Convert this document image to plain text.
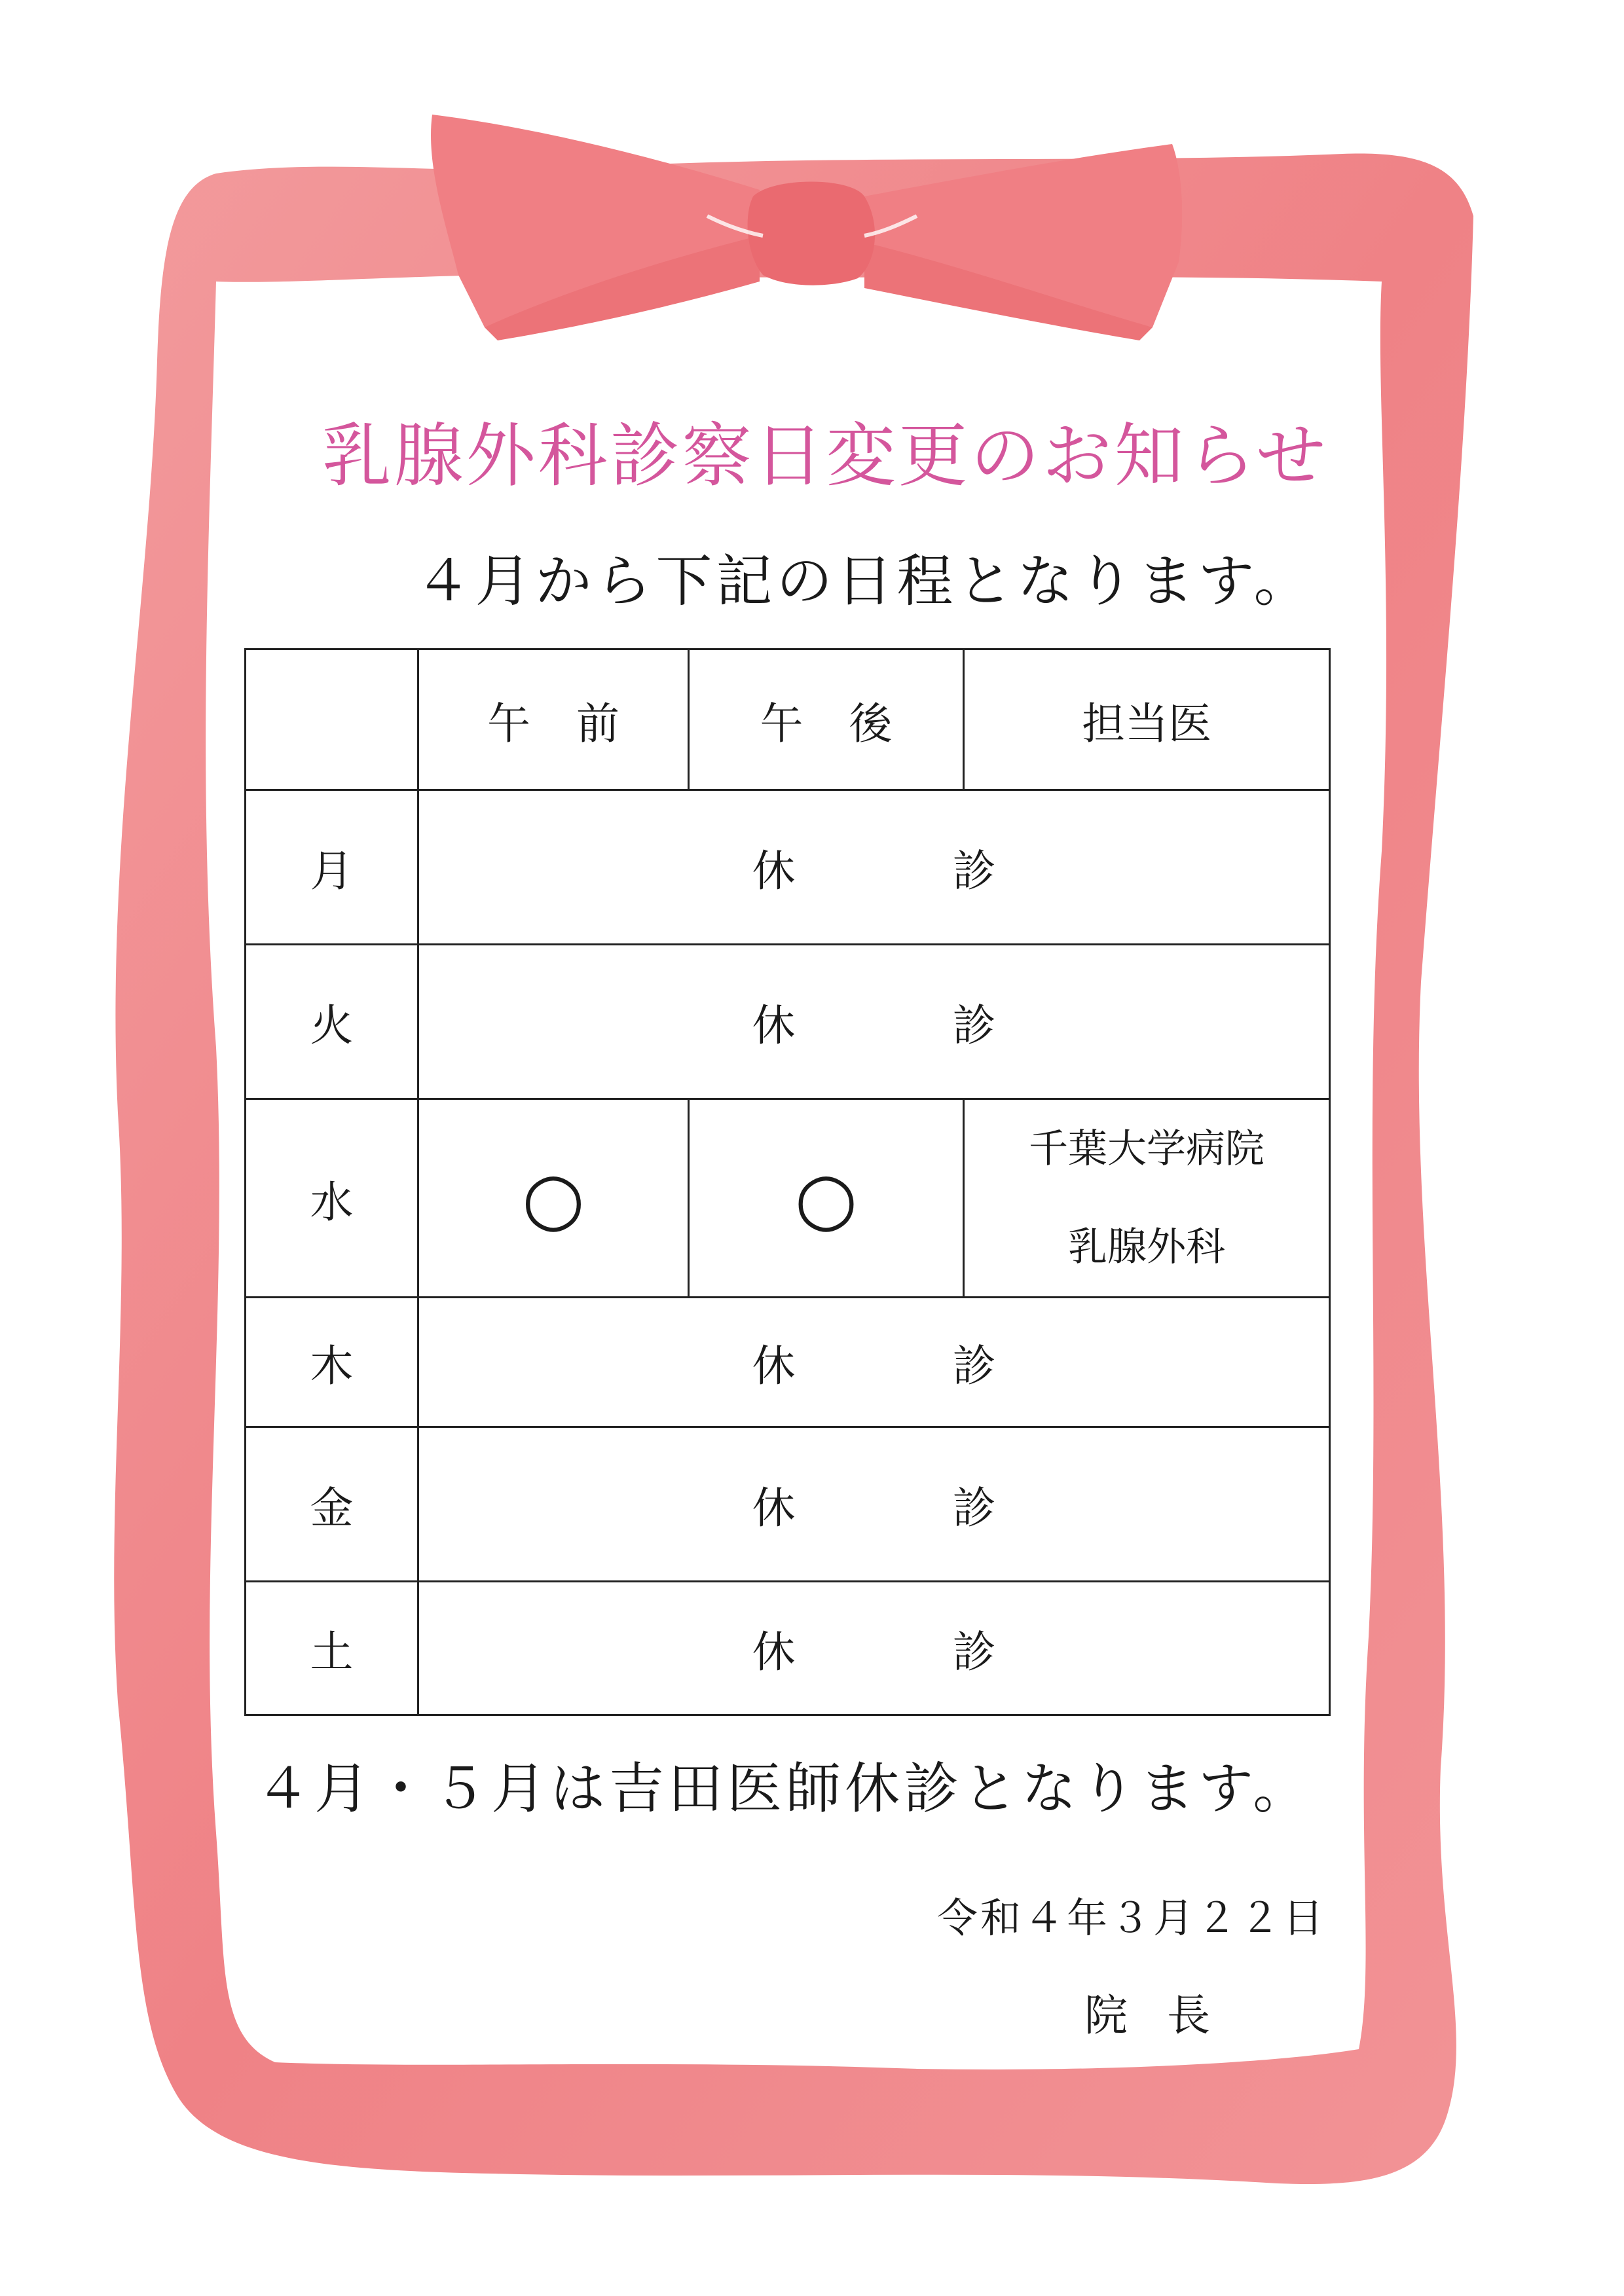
乳腺外科診察日変更のお知らせ
４月から下記の日程となります。
	午前	午後	担当医
月	休診		
火	休診		
水	○	○	千葉大学病院
乳腺外科

木	休診		
金	休診		
土	休診		
４月・５月は吉田医師休診となります。
令和４年３月２２日
院長
